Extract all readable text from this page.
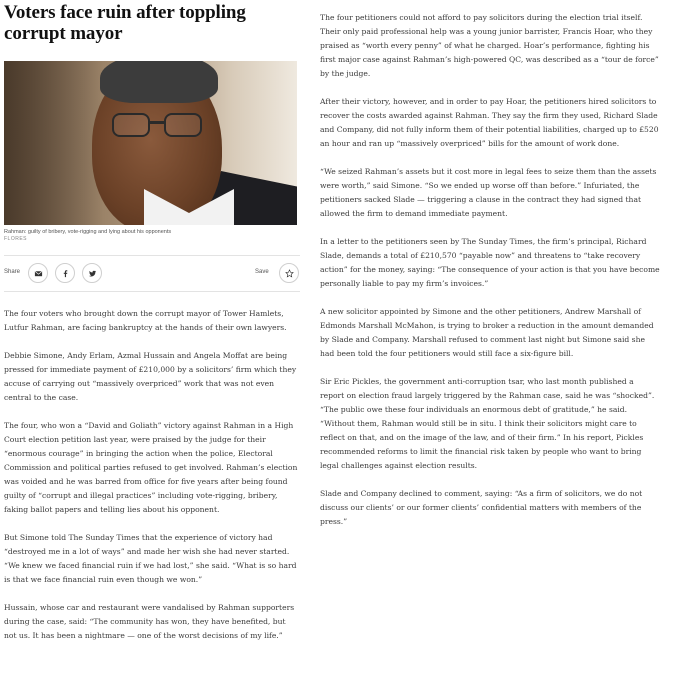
Voters face ruin after toppling corrupt mayor
Rahman: guilty of bribery, vote-rigging and lying about his opponents
FLORES
Share	Save

The four voters who brought down the corrupt mayor of Tower Hamlets, Lutfur Rahman, are facing bankruptcy at the hands of their own lawyers.

Debbie Simone, Andy Erlam, Azmal Hussain and Angela Moffat are being pressed for immediate payment of £210,000 by a solicitors’ firm which they accuse of carrying out “massively overpriced” work that was not even central to the case.

The four, who won a “David and Goliath” victory against Rahman in a High Court election petition last year, were praised by the judge for their “enormous courage” in bringing the action when the police, Electoral Commission and political parties refused to get involved. Rahman’s election was voided and he was barred from office for five years after being found guilty of “corrupt and illegal practices” including vote-rigging, bribery, faking ballot papers and telling lies about his opponent.

But Simone told The Sunday Times that the experience of victory had “destroyed me in a lot of ways” and made her wish she had never started. “We knew we faced financial ruin if we had lost,” she said. “What is so hard is that we face financial ruin even though we won.”

Hussain, whose car and restaurant were vandalised by Rahman supporters during the case, said: “The community has won, they have benefited, but not us. It has been a nightmare — one of the worst decisions of my life.”

The four petitioners could not afford to pay solicitors during the election trial itself. Their only paid professional help was a young junior barrister, Francis Hoar, who they praised as “worth every penny” of what he charged. Hoar’s performance, fighting his first major case against Rahman’s high-powered QC, was described as a “tour de force” by the judge.

After their victory, however, and in order to pay Hoar, the petitioners hired solicitors to recover the costs awarded against Rahman. They say the firm they used, Richard Slade and Company, did not fully inform them of their potential liabilities, charged up to £520 an hour and ran up “massively overpriced” bills for the amount of work done.

“We seized Rahman’s assets but it cost more in legal fees to seize them than the assets were worth,” said Simone. “So we ended up worse off than before.” Infuriated, the petitioners sacked Slade — triggering a clause in the contract they had signed that allowed the firm to demand immediate payment.

In a letter to the petitioners seen by The Sunday Times, the firm’s principal, Richard Slade, demands a total of £210,570 “payable now” and threatens to “take recovery action” for the money, saying: “The consequence of your action is that you have become personally liable to pay my firm’s invoices.”

A new solicitor appointed by Simone and the other petitioners, Andrew Marshall of Edmonds Marshall McMahon, is trying to broker a reduction in the amount demanded by Slade and Company. Marshall refused to comment last night but Simone said she had been told the four petitioners would still face a six-figure bill.

Sir Eric Pickles, the government anti-corruption tsar, who last month published a report on election fraud largely triggered by the Rahman case, said he was “shocked”. “The public owe these four individuals an enormous debt of gratitude,” he said. “Without them, Rahman would still be in situ. I think their solicitors might care to reflect on that, and on the image of the law, and of their firm.” In his report, Pickles recommended reforms to limit the financial risk taken by people who want to bring legal challenges against election results.

Slade and Company declined to comment, saying: “As a firm of solicitors, we do not discuss our clients’ or our former clients’ confidential matters with members of the press.”
